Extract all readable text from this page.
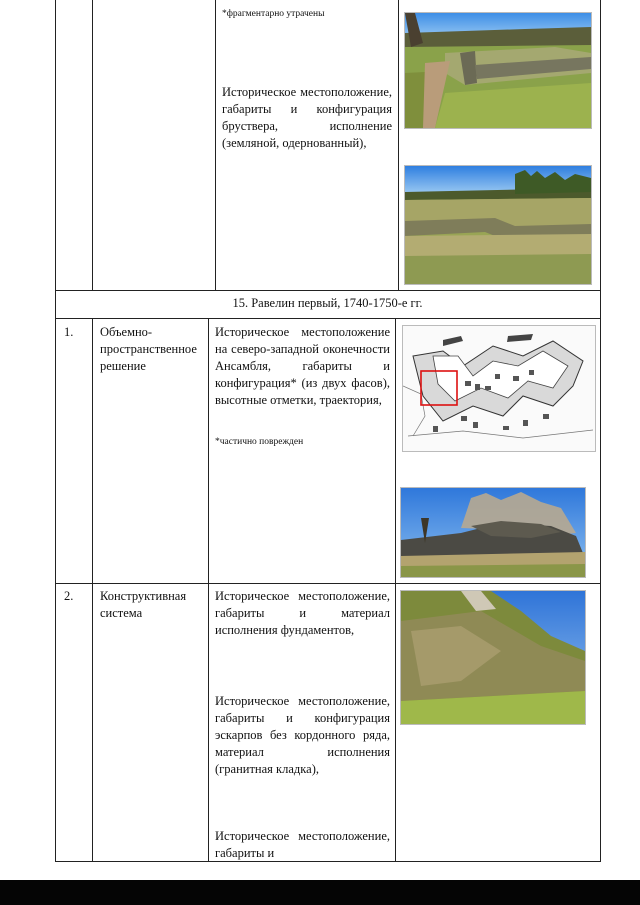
*фрагментарно утрачены
Историческое местоположение, габариты и конфигурация бруствера, исполнение (земляной, одернованный),
15. Равелин первый, 1740-1750-е гг.
1. Объемно-пространственное решение
Историческое местоположение на северо-западной оконечности Ансамбля, габариты и конфигурация* (из двух фасов), высотные отметки, траектория,
*частично поврежден
2. Конструктивная система
Историческое местоположение, габариты и материал исполнения фундаментов,
Историческое местоположение, габариты и конфигурация эскарпов без кордонного ряда, материал исполнения (гранитная кладка),
Историческое местоположение, габариты и
